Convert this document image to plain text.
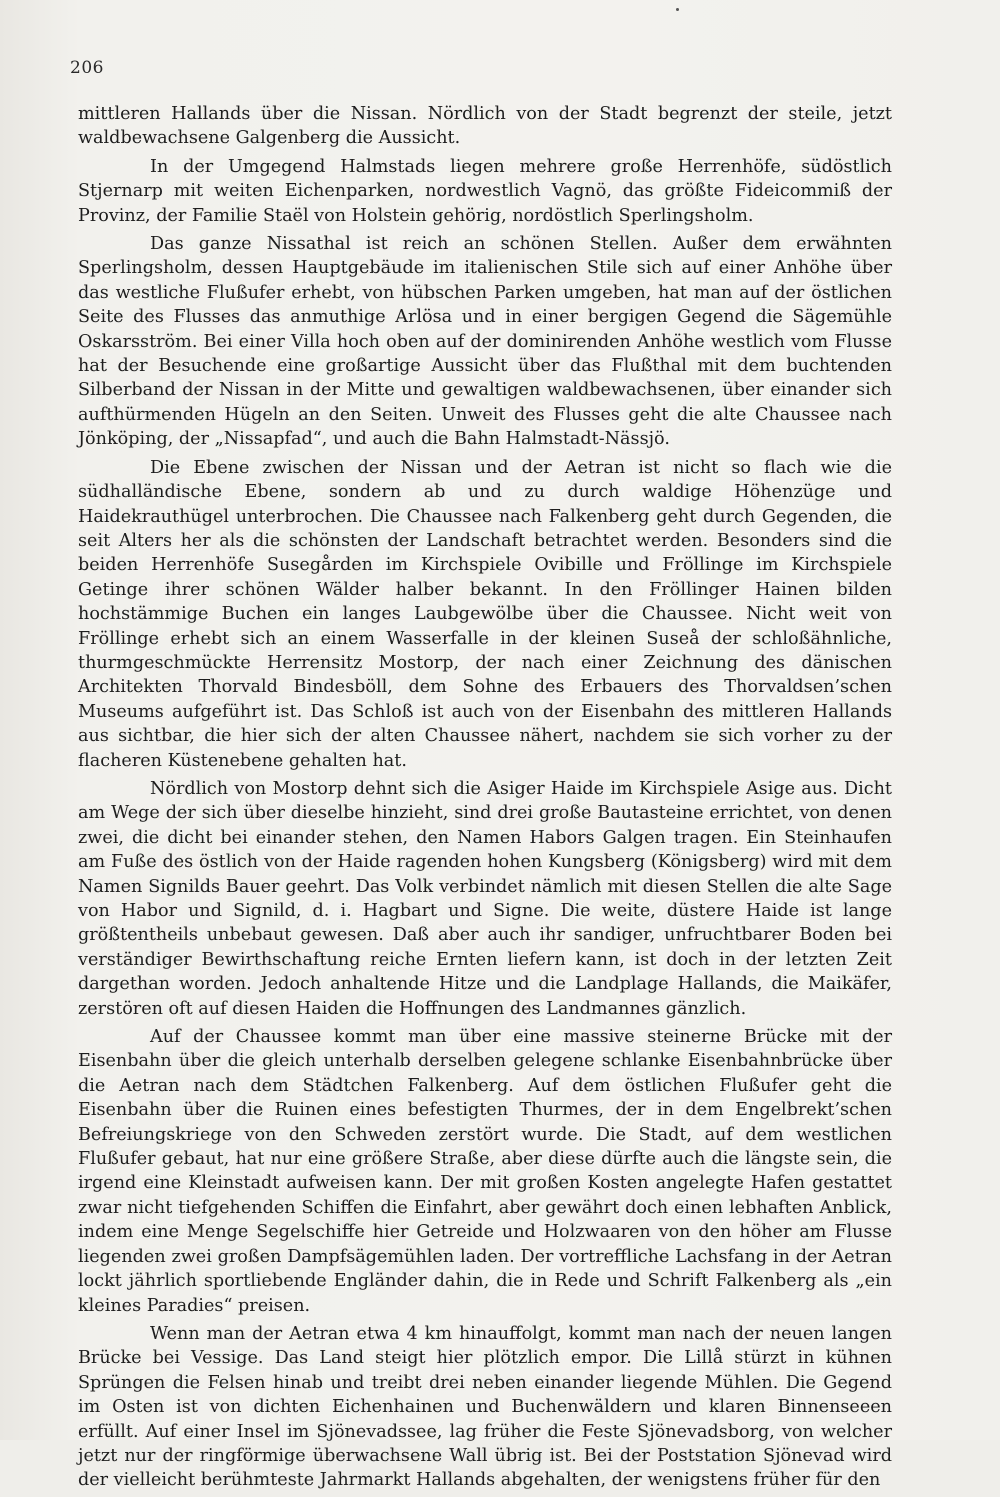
206

mittleren Hallands über die Nissan. Nördlich von der Stadt begrenzt der steile, jetzt waldbewachsene Galgenberg die Aussicht.

In der Umgegend Halmstads liegen mehrere große Herrenhöfe, südöstlich Stjernarp mit weiten Eichenparken, nordwestlich Vagnö, das größte Fideicommiß der Provinz, der Familie Staël von Holstein gehörig, nordöstlich Sperlingsholm.

Das ganze Nissathal ist reich an schönen Stellen. Außer dem erwähnten Sperlingsholm, dessen Hauptgebäude im italienischen Stile sich auf einer Anhöhe über das westliche Flußufer erhebt, von hübschen Parken umgeben, hat man auf der östlichen Seite des Flusses das anmuthige Arlösa und in einer bergigen Gegend die Sägemühle Oskarsström. Bei einer Villa hoch oben auf der dominirenden Anhöhe westlich vom Flusse hat der Besuchende eine großartige Aussicht über das Flußthal mit dem buchtenden Silberband der Nissan in der Mitte und gewaltigen waldbewachsenen, über einander sich aufthürmenden Hügeln an den Seiten. Unweit des Flusses geht die alte Chaussee nach Jönköping, der „Nissapfad“, und auch die Bahn Halmstadt-Nässjö.

Die Ebene zwischen der Nissan und der Aetran ist nicht so flach wie die südhalländische Ebene, sondern ab und zu durch waldige Höhenzüge und Haidekrauthügel unterbrochen. Die Chaussee nach Falkenberg geht durch Gegenden, die seit Alters her als die schönsten der Landschaft betrachtet werden. Besonders sind die beiden Herrenhöfe Susegården im Kirchspiele Ovibille und Fröllinge im Kirchspiele Getinge ihrer schönen Wälder halber bekannt. In den Fröllinger Hainen bilden hochstämmige Buchen ein langes Laubgewölbe über die Chaussee. Nicht weit von Fröllinge erhebt sich an einem Wasserfalle in der kleinen Suseå der schloßähnliche, thurmgeschmückte Herrensitz Mostorp, der nach einer Zeichnung des dänischen Architekten Thorvald Bindesböll, dem Sohne des Erbauers des Thorvaldsen’schen Museums aufgeführt ist. Das Schloß ist auch von der Eisenbahn des mittleren Hallands aus sichtbar, die hier sich der alten Chaussee nähert, nachdem sie sich vorher zu der flacheren Küstenebene gehalten hat.

Nördlich von Mostorp dehnt sich die Asiger Haide im Kirchspiele Asige aus. Dicht am Wege der sich über dieselbe hinzieht, sind drei große Bautasteine errichtet, von denen zwei, die dicht bei einander stehen, den Namen Habors Galgen tragen. Ein Steinhaufen am Fuße des östlich von der Haide ragenden hohen Kungsberg (Königsberg) wird mit dem Namen Signilds Bauer geehrt. Das Volk verbindet nämlich mit diesen Stellen die alte Sage von Habor und Signild, d. i. Hagbart und Signe. Die weite, düstere Haide ist lange größtentheils unbebaut gewesen. Daß aber auch ihr sandiger, unfruchtbarer Boden bei verständiger Bewirthschaftung reiche Ernten liefern kann, ist doch in der letzten Zeit dargethan worden. Jedoch anhaltende Hitze und die Landplage Hallands, die Maikäfer, zerstören oft auf diesen Haiden die Hoffnungen des Landmannes gänzlich.

Auf der Chaussee kommt man über eine massive steinerne Brücke mit der Eisenbahn über die gleich unterhalb derselben gelegene schlanke Eisenbahnbrücke über die Aetran nach dem Städtchen Falkenberg. Auf dem östlichen Flußufer geht die Eisenbahn über die Ruinen eines befestigten Thurmes, der in dem Engelbrekt’schen Befreiungskriege von den Schweden zerstört wurde. Die Stadt, auf dem westlichen Flußufer gebaut, hat nur eine größere Straße, aber diese dürfte auch die längste sein, die irgend eine Kleinstadt aufweisen kann. Der mit großen Kosten angelegte Hafen gestattet zwar nicht tiefgehenden Schiffen die Einfahrt, aber gewährt doch einen lebhaften Anblick, indem eine Menge Segelschiffe hier Getreide und Holzwaaren von den höher am Flusse liegenden zwei großen Dampfsägemühlen laden. Der vortreffliche Lachsfang in der Aetran lockt jährlich sportliebende Engländer dahin, die in Rede und Schrift Falkenberg als „ein kleines Paradies“ preisen.

Wenn man der Aetran etwa 4 km hinauffolgt, kommt man nach der neuen langen Brücke bei Vessige. Das Land steigt hier plötzlich empor. Die Lillå stürzt in kühnen Sprüngen die Felsen hinab und treibt drei neben einander liegende Mühlen. Die Gegend im Osten ist von dichten Eichenhainen und Buchenwäldern und klaren Binnenseeen erfüllt. Auf einer Insel im Sjönevadssee, lag früher die Feste Sjönevadsborg, von welcher jetzt nur der ringförmige überwachsene Wall übrig ist. Bei der Poststation Sjönevad wird der vielleicht berühmteste Jahrmarkt Hallands abgehalten, der wenigstens früher für den
